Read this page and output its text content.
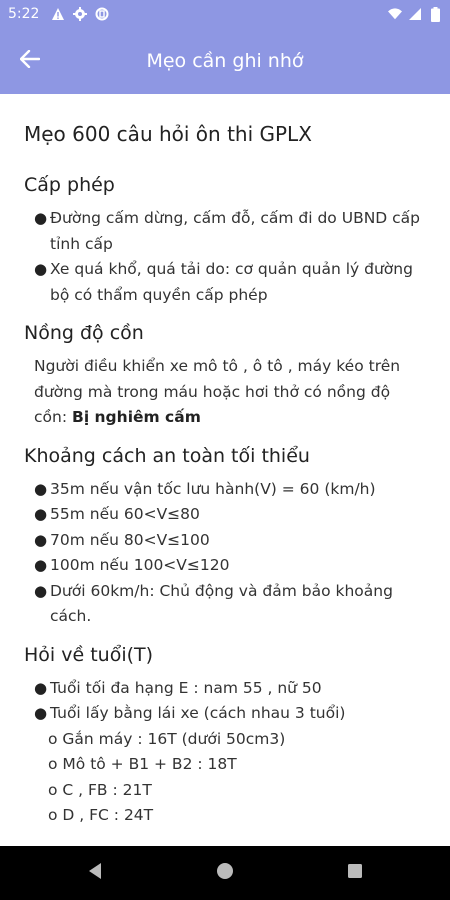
5:22
Mẹo cần ghi nhớ
Mẹo 600 câu hỏi ôn thi GPLX
Cấp phép
● Đường cấm dừng, cấm đỗ, cấm đi do UBND cấp tỉnh cấp
● Xe quá khổ, quá tải do: cơ quản quản lý đường bộ có thẩm quyền cấp phép
Nồng độ cồn

Người điều khiển xe mô tô , ô tô , máy kéo trên đường mà trong máu hoặc hơi thở có nồng độ cồn: Bị nghiêm cấm

Khoảng cách an toàn tối thiểu
● 35m nếu vận tốc lưu hành(V) = 60 (km/h)
● 55m nếu 60<V≤80
● 70m nếu 80<V≤100
● 100m nếu 100<V≤120
● Dưới 60km/h: Chủ động và đảm bảo khoảng cách.
Hỏi về tuổi(T)
● Tuổi tối đa hạng E : nam 55 , nữ 50
● Tuổi lấy bằng lái xe (cách nhau 3 tuổi)
o Gắn máy : 16T (dưới 50cm3)
o Mô tô + B1 + B2 : 18T
o C , FB : 21T
o D , FC : 24T
